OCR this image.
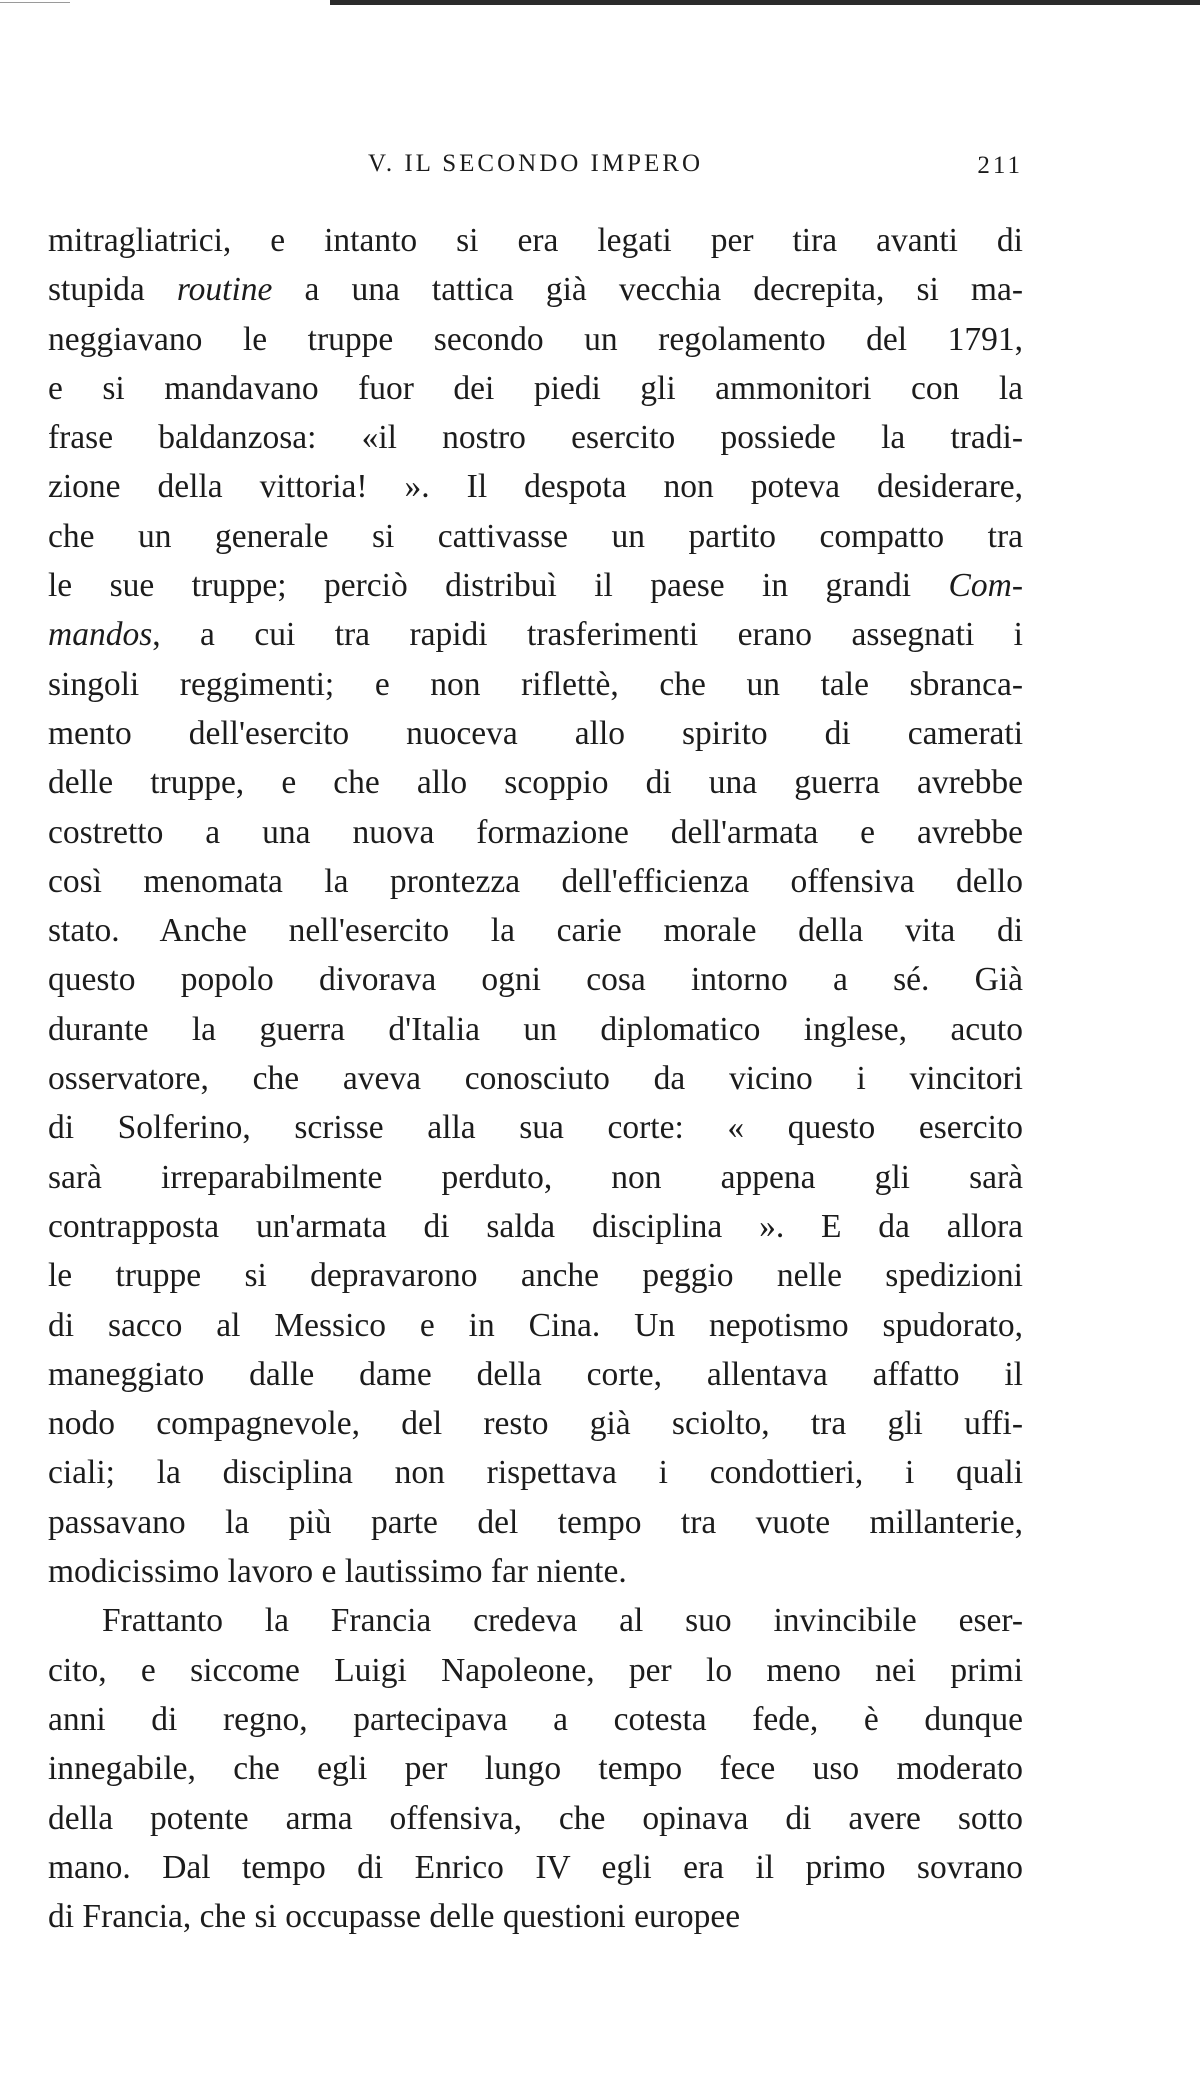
V. IL SECONDO IMPERO	211
mitragliatrici, e intanto si era legati per tira avanti di
stupida routine a una tattica già vecchia decrepita, si ma-
neggiavano le truppe secondo un regolamento del 1791,
e si mandavano fuor dei piedi gli ammonitori con la
frase baldanzosa: «il nostro esercito possiede la tradi-
zione della vittoria! ». Il despota non poteva desiderare,
che un generale si cattivasse un partito compatto tra
le sue truppe; perciò distribuì il paese in grandi Com-
mandos, a cui tra rapidi trasferimenti erano assegnati i
singoli reggimenti; e non riflettè, che un tale sbranca-
mento dell'esercito nuoceva allo spirito di camerati
delle truppe, e che allo scoppio di una guerra avrebbe
costretto a una nuova formazione dell'armata e avrebbe
così menomata la prontezza dell'efficienza offensiva dello
stato. Anche nell'esercito la carie morale della vita di
questo popolo divorava ogni cosa intorno a sé. Già
durante la guerra d'Italia un diplomatico inglese, acuto
osservatore, che aveva conosciuto da vicino i vincitori
di Solferino, scrisse alla sua corte: « questo esercito
sarà irreparabilmente perduto, non appena gli sarà
contrapposta un'armata di salda disciplina ». E da allora
le truppe si depravarono anche peggio nelle spedizioni
di sacco al Messico e in Cina. Un nepotismo spudorato,
maneggiato dalle dame della corte, allentava affatto il
nodo compagnevole, del resto già sciolto, tra gli uffi-
ciali; la disciplina non rispettava i condottieri, i quali
passavano la più parte del tempo tra vuote millanterie,
modicissimo lavoro e lautissimo far niente.
Frattanto la Francia credeva al suo invincibile eser-
cito, e siccome Luigi Napoleone, per lo meno nei primi
anni di regno, partecipava a cotesta fede, è dunque
innegabile, che egli per lungo tempo fece uso moderato
della potente arma offensiva, che opinava di avere sotto
mano. Dal tempo di Enrico IV egli era il primo sovrano
di Francia, che si occupasse delle questioni europee
